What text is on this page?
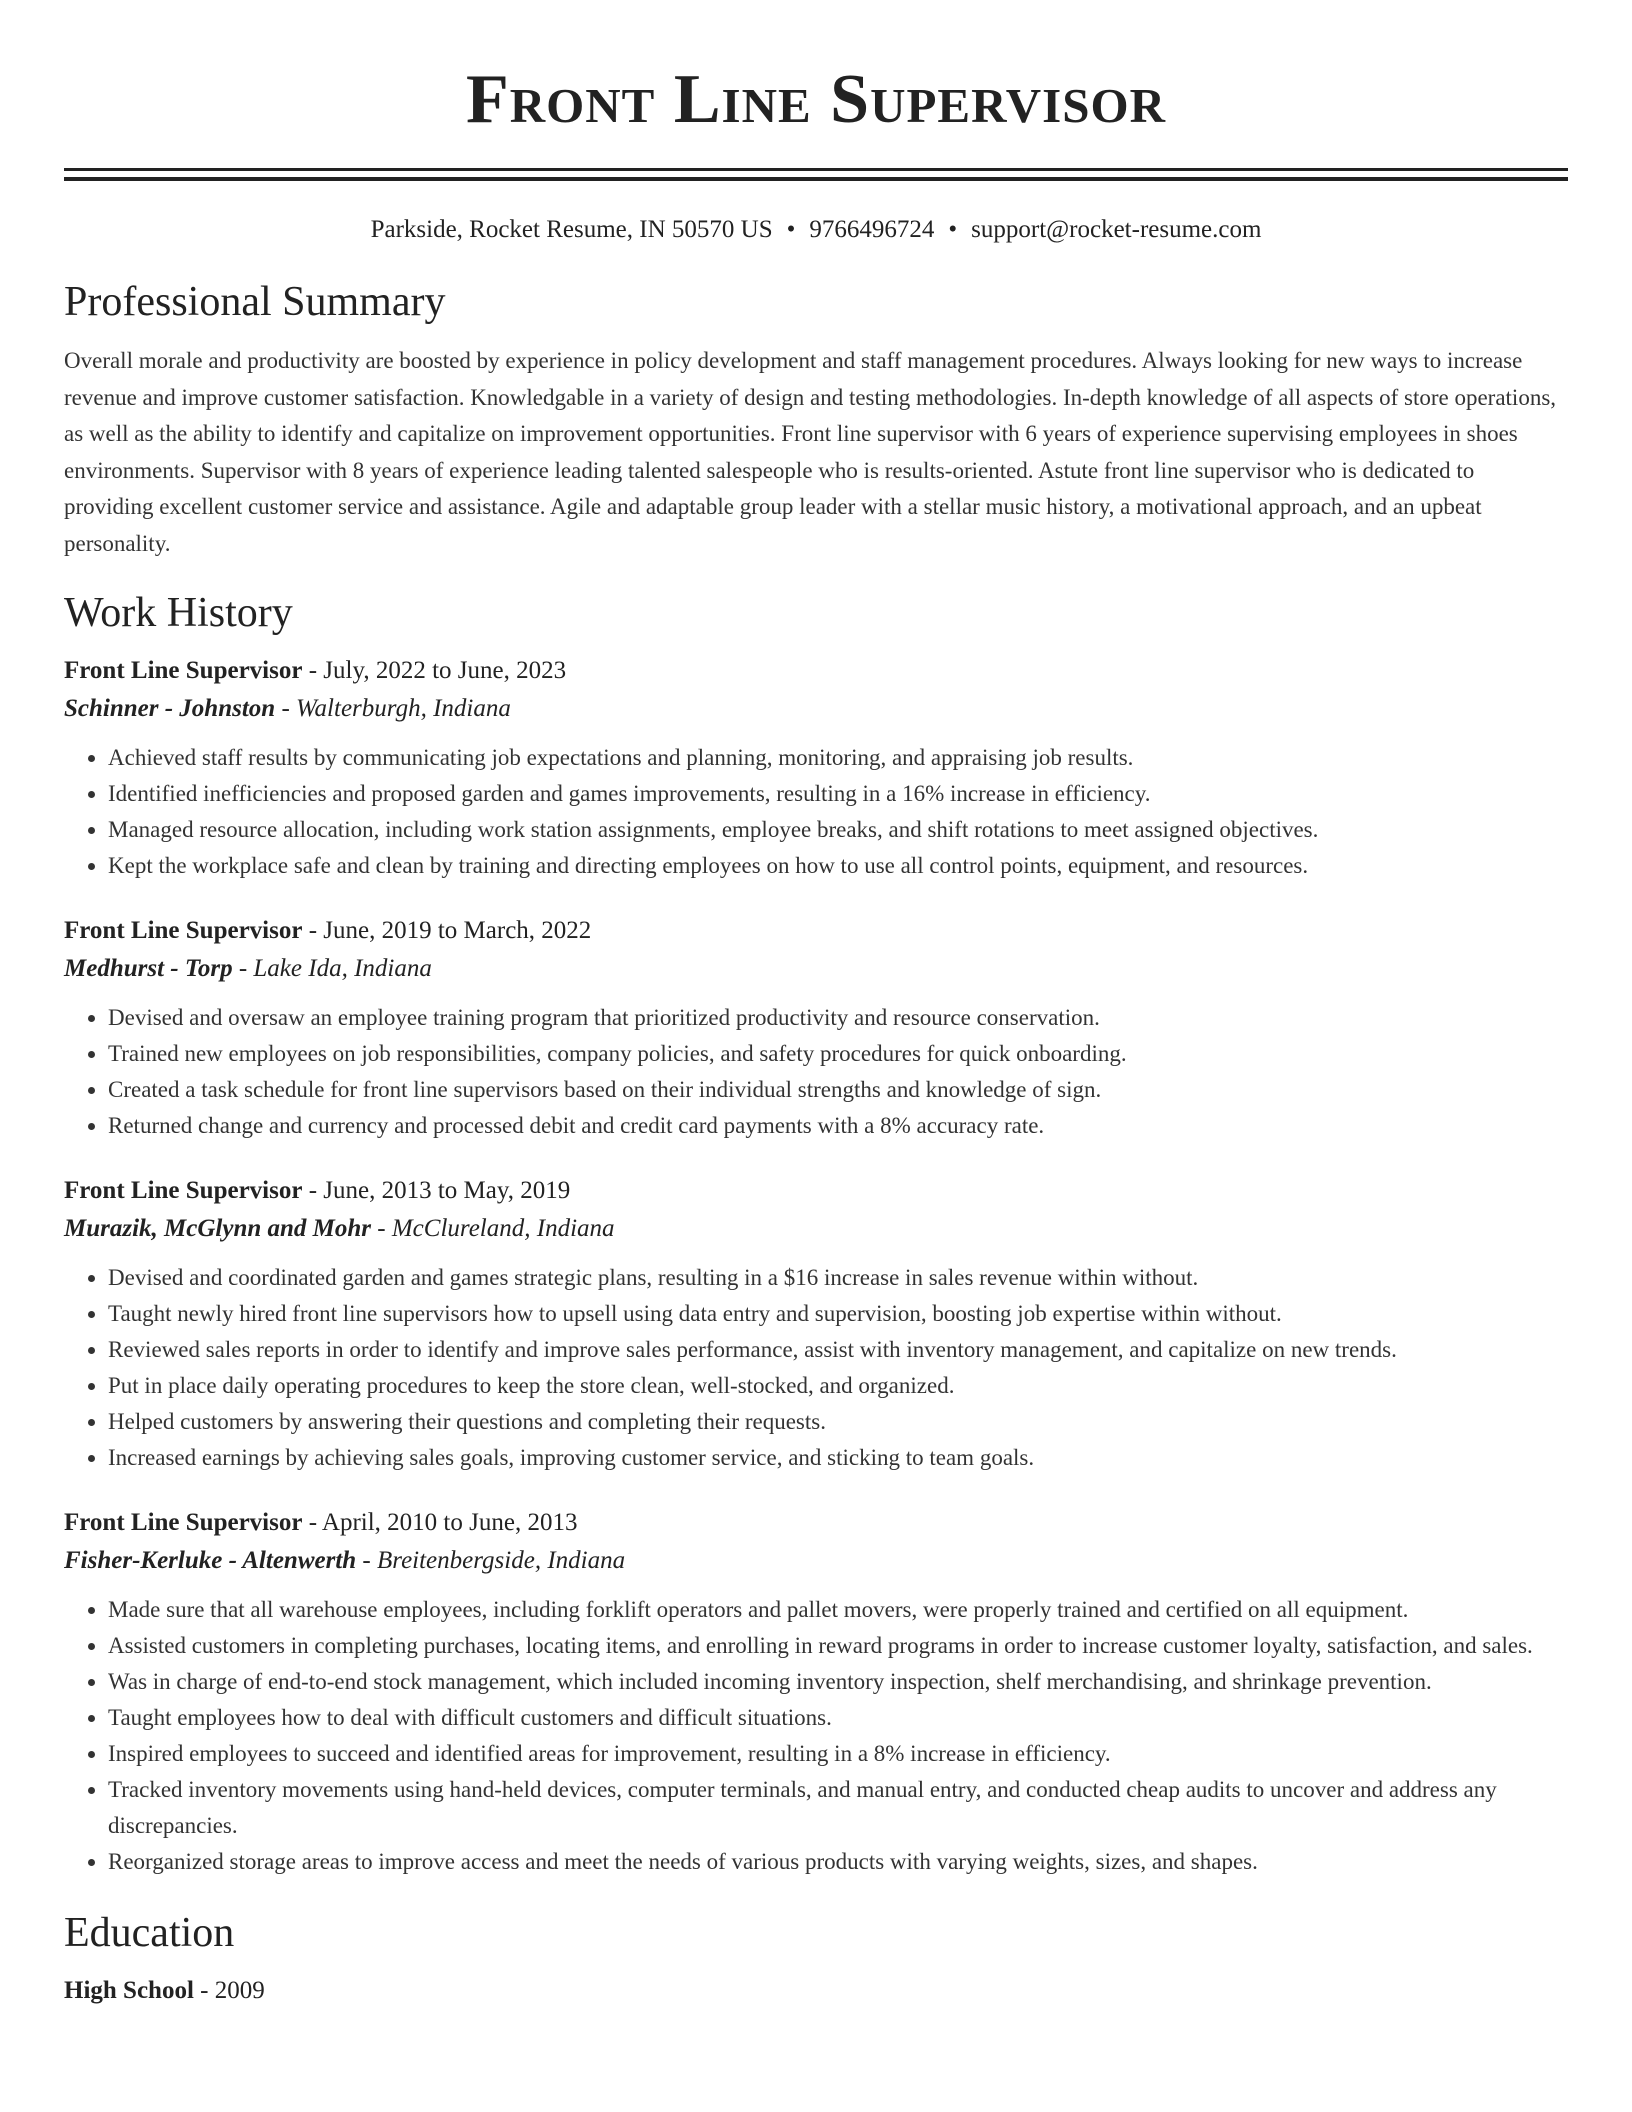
Front Line Supervisor
Parkside, Rocket Resume, IN 50570 US • 9766496724 • support@rocket-resume.com
Professional Summary

Overall morale and productivity are boosted by experience in policy development and staff management procedures. Always looking for new ways to increase revenue and improve customer satisfaction. Knowledgable in a variety of design and testing methodologies. In-depth knowledge of all aspects of store operations, as well as the ability to identify and capitalize on improvement opportunities. Front line supervisor with 6 years of experience supervising employees in shoes environments. Supervisor with 8 years of experience leading talented salespeople who is results-oriented. Astute front line supervisor who is dedicated to providing excellent customer service and assistance. Agile and adaptable group leader with a stellar music history, a motivational approach, and an upbeat personality.

Work History
Front Line Supervisor - July, 2022 to June, 2023
Schinner - Johnston - Walterburgh, Indiana
• Achieved staff results by communicating job expectations and planning, monitoring, and appraising job results.
• Identified inefficiencies and proposed garden and games improvements, resulting in a 16% increase in efficiency.
• Managed resource allocation, including work station assignments, employee breaks, and shift rotations to meet assigned objectives.
• Kept the workplace safe and clean by training and directing employees on how to use all control points, equipment, and resources.
Front Line Supervisor - June, 2019 to March, 2022
Medhurst - Torp - Lake Ida, Indiana
• Devised and oversaw an employee training program that prioritized productivity and resource conservation.
• Trained new employees on job responsibilities, company policies, and safety procedures for quick onboarding.
• Created a task schedule for front line supervisors based on their individual strengths and knowledge of sign.
• Returned change and currency and processed debit and credit card payments with a 8% accuracy rate.
Front Line Supervisor - June, 2013 to May, 2019
Murazik, McGlynn and Mohr - McClureland, Indiana
• Devised and coordinated garden and games strategic plans, resulting in a $16 increase in sales revenue within without.
• Taught newly hired front line supervisors how to upsell using data entry and supervision, boosting job expertise within without.
• Reviewed sales reports in order to identify and improve sales performance, assist with inventory management, and capitalize on new trends.
• Put in place daily operating procedures to keep the store clean, well-stocked, and organized.
• Helped customers by answering their questions and completing their requests.
• Increased earnings by achieving sales goals, improving customer service, and sticking to team goals.
Front Line Supervisor - April, 2010 to June, 2013
Fisher-Kerluke - Altenwerth - Breitenbergside, Indiana
• Made sure that all warehouse employees, including forklift operators and pallet movers, were properly trained and certified on all equipment.
• Assisted customers in completing purchases, locating items, and enrolling in reward programs in order to increase customer loyalty, satisfaction, and sales.
• Was in charge of end-to-end stock management, which included incoming inventory inspection, shelf merchandising, and shrinkage prevention.
• Taught employees how to deal with difficult customers and difficult situations.
• Inspired employees to succeed and identified areas for improvement, resulting in a 8% increase in efficiency.
• Tracked inventory movements using hand-held devices, computer terminals, and manual entry, and conducted cheap audits to uncover and address any discrepancies.
• Reorganized storage areas to improve access and meet the needs of various products with varying weights, sizes, and shapes.
Education
High School - 2009
